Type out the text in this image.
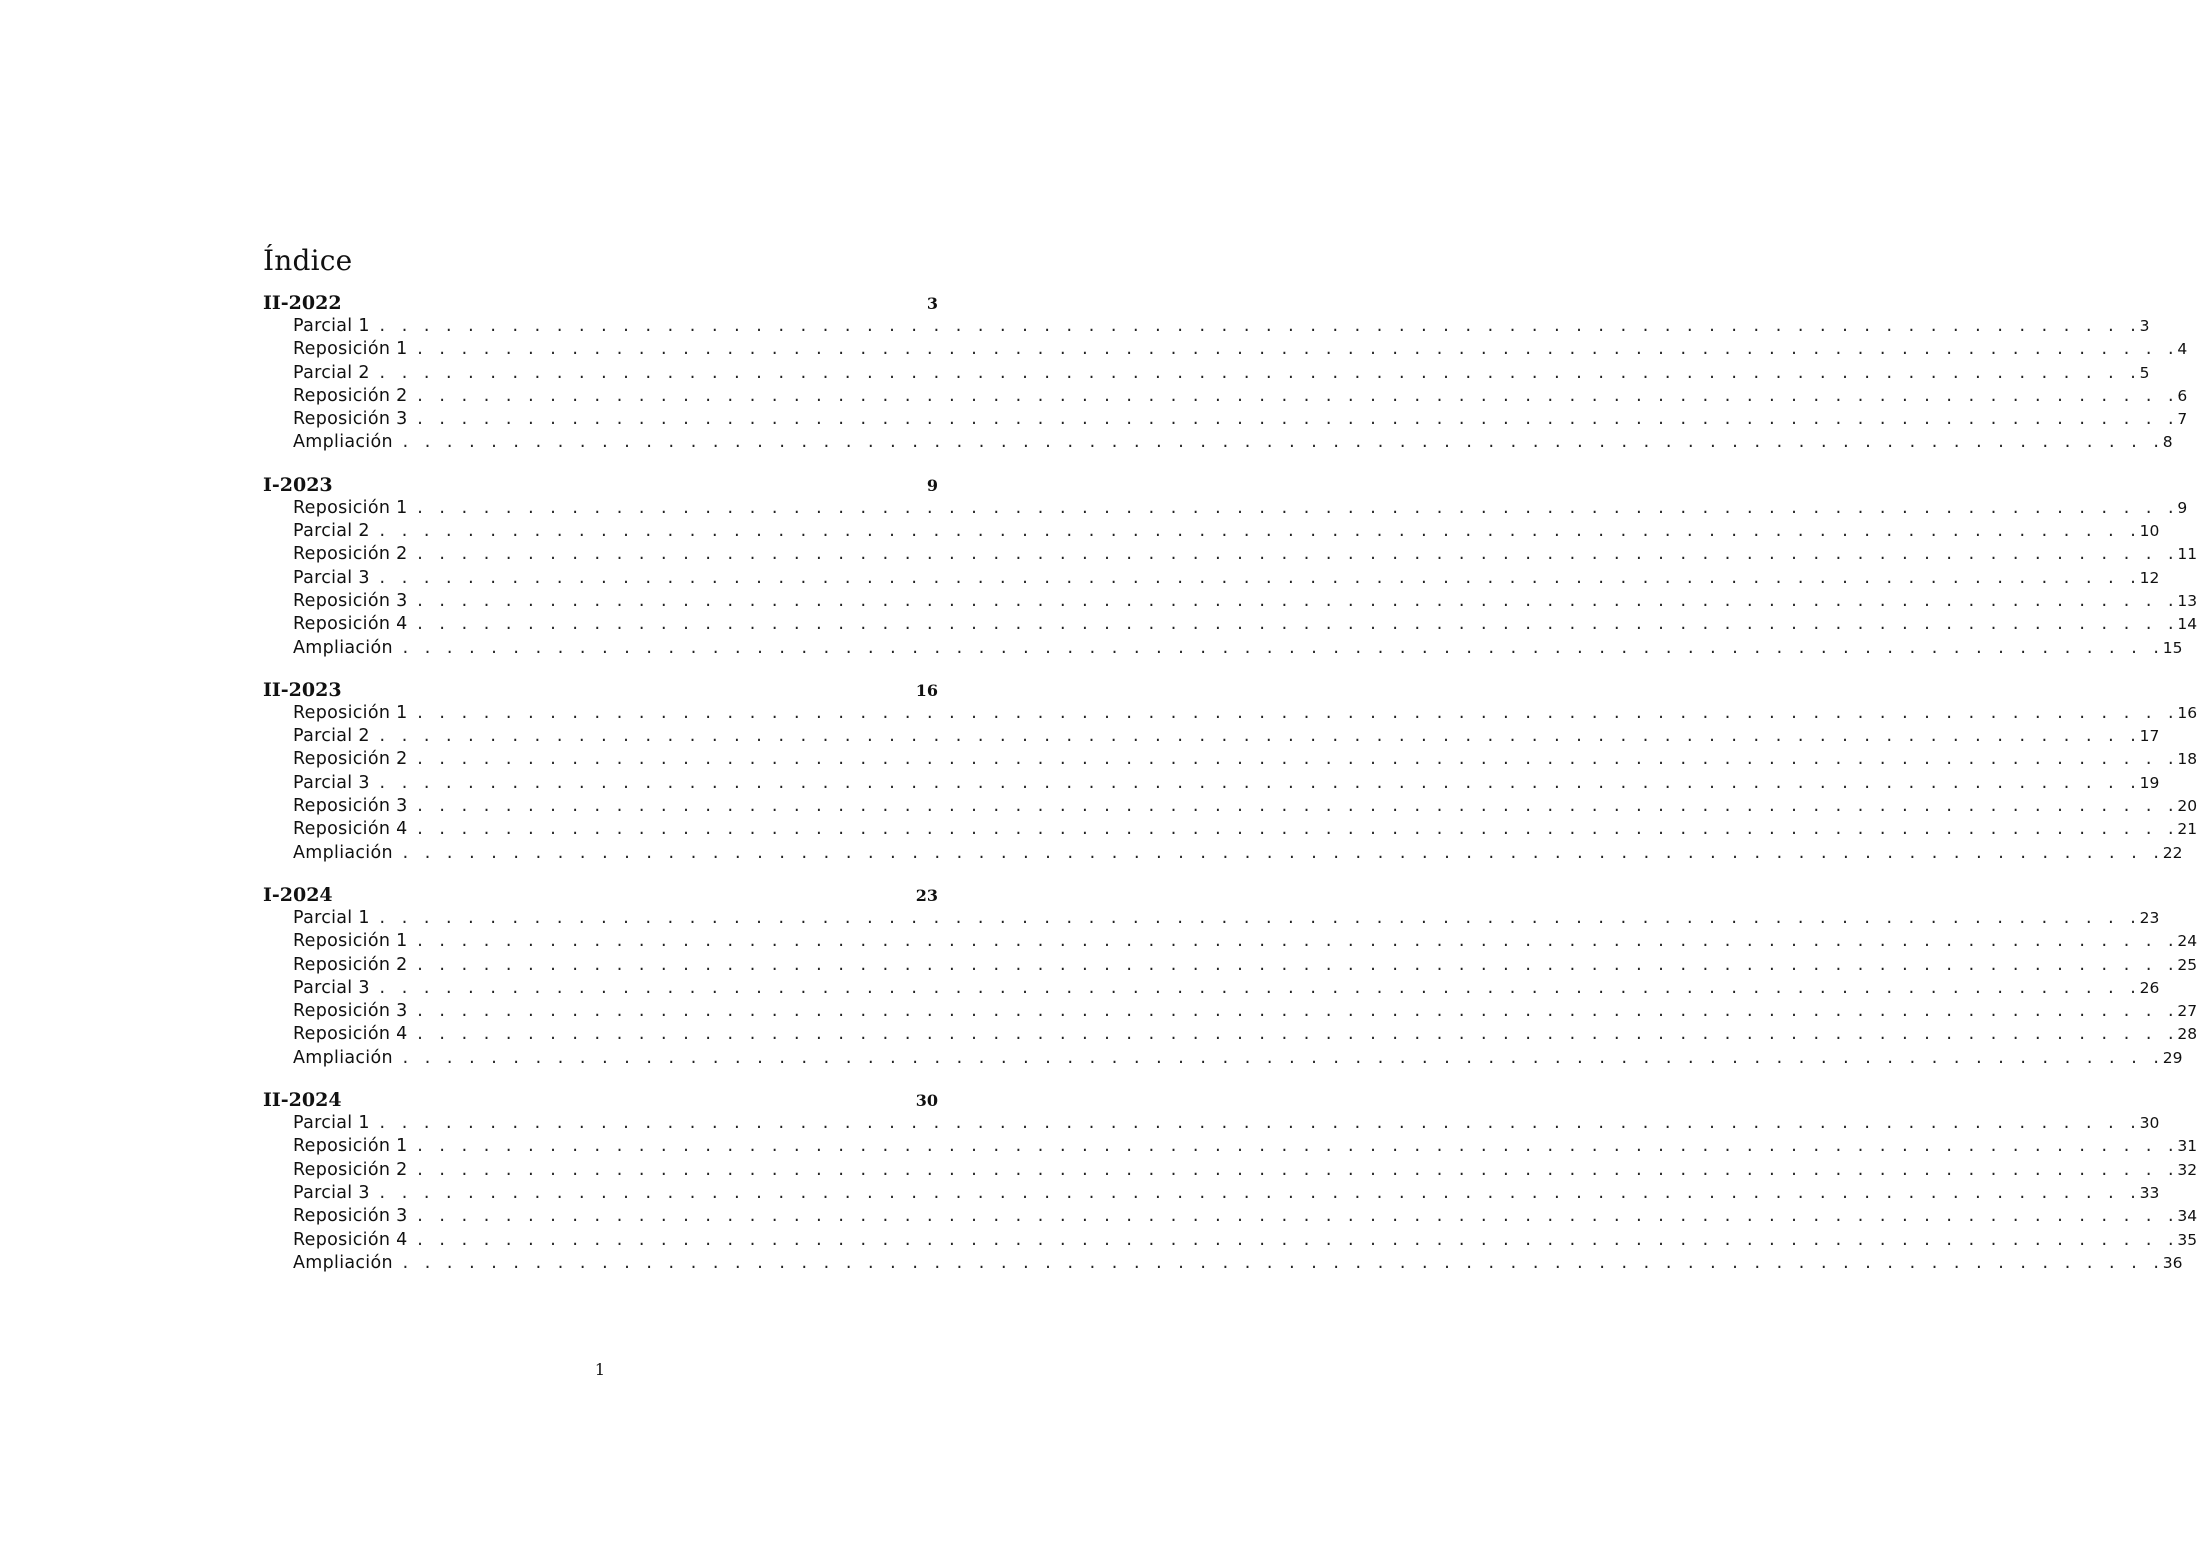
Índice
II-2022	3
Parcial 1 . . . . . . . . . . . . . . . . . . . . . . . . . . . . . . . . . . . . . . . . . . . . . . . . . . . . . . . . . . . . . . . . . . . . . . . . . . . . . . . . 3
Reposición 1 . . . . . . . . . . . . . . . . . . . . . . . . . . . . . . . . . . . . . . . . . . . . . . . . . . . . . . . . . . . . . . . . . . . . . . . . . . . . . . . . 4
Parcial 2 . . . . . . . . . . . . . . . . . . . . . . . . . . . . . . . . . . . . . . . . . . . . . . . . . . . . . . . . . . . . . . . . . . . . . . . . . . . . . . . . 5
Reposición 2 . . . . . . . . . . . . . . . . . . . . . . . . . . . . . . . . . . . . . . . . . . . . . . . . . . . . . . . . . . . . . . . . . . . . . . . . . . . . . . . . 6
Reposición 3 . . . . . . . . . . . . . . . . . . . . . . . . . . . . . . . . . . . . . . . . . . . . . . . . . . . . . . . . . . . . . . . . . . . . . . . . . . . . . . . . 7
Ampliación . . . . . . . . . . . . . . . . . . . . . . . . . . . . . . . . . . . . . . . . . . . . . . . . . . . . . . . . . . . . . . . . . . . . . . . . . . . . . . . . 8
I-2023	9
Reposición 1 . . . . . . . . . . . . . . . . . . . . . . . . . . . . . . . . . . . . . . . . . . . . . . . . . . . . . . . . . . . . . . . . . . . . . . . . . . . . . . . . 9
Parcial 2 . . . . . . . . . . . . . . . . . . . . . . . . . . . . . . . . . . . . . . . . . . . . . . . . . . . . . . . . . . . . . . . . . . . . . . . . . . . . . . . . 10
Reposición 2 . . . . . . . . . . . . . . . . . . . . . . . . . . . . . . . . . . . . . . . . . . . . . . . . . . . . . . . . . . . . . . . . . . . . . . . . . . . . . . . . 11
Parcial 3 . . . . . . . . . . . . . . . . . . . . . . . . . . . . . . . . . . . . . . . . . . . . . . . . . . . . . . . . . . . . . . . . . . . . . . . . . . . . . . . . 12
Reposición 3 . . . . . . . . . . . . . . . . . . . . . . . . . . . . . . . . . . . . . . . . . . . . . . . . . . . . . . . . . . . . . . . . . . . . . . . . . . . . . . . . 13
Reposición 4 . . . . . . . . . . . . . . . . . . . . . . . . . . . . . . . . . . . . . . . . . . . . . . . . . . . . . . . . . . . . . . . . . . . . . . . . . . . . . . . . 14
Ampliación . . . . . . . . . . . . . . . . . . . . . . . . . . . . . . . . . . . . . . . . . . . . . . . . . . . . . . . . . . . . . . . . . . . . . . . . . . . . . . . . 15
II-2023	16
Reposición 1 . . . . . . . . . . . . . . . . . . . . . . . . . . . . . . . . . . . . . . . . . . . . . . . . . . . . . . . . . . . . . . . . . . . . . . . . . . . . . . . . 16
Parcial 2 . . . . . . . . . . . . . . . . . . . . . . . . . . . . . . . . . . . . . . . . . . . . . . . . . . . . . . . . . . . . . . . . . . . . . . . . . . . . . . . . 17
Reposición 2 . . . . . . . . . . . . . . . . . . . . . . . . . . . . . . . . . . . . . . . . . . . . . . . . . . . . . . . . . . . . . . . . . . . . . . . . . . . . . . . . 18
Parcial 3 . . . . . . . . . . . . . . . . . . . . . . . . . . . . . . . . . . . . . . . . . . . . . . . . . . . . . . . . . . . . . . . . . . . . . . . . . . . . . . . . 19
Reposición 3 . . . . . . . . . . . . . . . . . . . . . . . . . . . . . . . . . . . . . . . . . . . . . . . . . . . . . . . . . . . . . . . . . . . . . . . . . . . . . . . . 20
Reposición 4 . . . . . . . . . . . . . . . . . . . . . . . . . . . . . . . . . . . . . . . . . . . . . . . . . . . . . . . . . . . . . . . . . . . . . . . . . . . . . . . . 21
Ampliación . . . . . . . . . . . . . . . . . . . . . . . . . . . . . . . . . . . . . . . . . . . . . . . . . . . . . . . . . . . . . . . . . . . . . . . . . . . . . . . . 22
I-2024	23
Parcial 1 . . . . . . . . . . . . . . . . . . . . . . . . . . . . . . . . . . . . . . . . . . . . . . . . . . . . . . . . . . . . . . . . . . . . . . . . . . . . . . . . 23
Reposición 1 . . . . . . . . . . . . . . . . . . . . . . . . . . . . . . . . . . . . . . . . . . . . . . . . . . . . . . . . . . . . . . . . . . . . . . . . . . . . . . . . 24
Reposición 2 . . . . . . . . . . . . . . . . . . . . . . . . . . . . . . . . . . . . . . . . . . . . . . . . . . . . . . . . . . . . . . . . . . . . . . . . . . . . . . . . 25
Parcial 3 . . . . . . . . . . . . . . . . . . . . . . . . . . . . . . . . . . . . . . . . . . . . . . . . . . . . . . . . . . . . . . . . . . . . . . . . . . . . . . . . 26
Reposición 3 . . . . . . . . . . . . . . . . . . . . . . . . . . . . . . . . . . . . . . . . . . . . . . . . . . . . . . . . . . . . . . . . . . . . . . . . . . . . . . . . 27
Reposición 4 . . . . . . . . . . . . . . . . . . . . . . . . . . . . . . . . . . . . . . . . . . . . . . . . . . . . . . . . . . . . . . . . . . . . . . . . . . . . . . . . 28
Ampliación . . . . . . . . . . . . . . . . . . . . . . . . . . . . . . . . . . . . . . . . . . . . . . . . . . . . . . . . . . . . . . . . . . . . . . . . . . . . . . . . 29
II-2024	30
Parcial 1 . . . . . . . . . . . . . . . . . . . . . . . . . . . . . . . . . . . . . . . . . . . . . . . . . . . . . . . . . . . . . . . . . . . . . . . . . . . . . . . . 30
Reposición 1 . . . . . . . . . . . . . . . . . . . . . . . . . . . . . . . . . . . . . . . . . . . . . . . . . . . . . . . . . . . . . . . . . . . . . . . . . . . . . . . . 31
Reposición 2 . . . . . . . . . . . . . . . . . . . . . . . . . . . . . . . . . . . . . . . . . . . . . . . . . . . . . . . . . . . . . . . . . . . . . . . . . . . . . . . . 32
Parcial 3 . . . . . . . . . . . . . . . . . . . . . . . . . . . . . . . . . . . . . . . . . . . . . . . . . . . . . . . . . . . . . . . . . . . . . . . . . . . . . . . . 33
Reposición 3 . . . . . . . . . . . . . . . . . . . . . . . . . . . . . . . . . . . . . . . . . . . . . . . . . . . . . . . . . . . . . . . . . . . . . . . . . . . . . . . . 34
Reposición 4 . . . . . . . . . . . . . . . . . . . . . . . . . . . . . . . . . . . . . . . . . . . . . . . . . . . . . . . . . . . . . . . . . . . . . . . . . . . . . . . . 35
Ampliación . . . . . . . . . . . . . . . . . . . . . . . . . . . . . . . . . . . . . . . . . . . . . . . . . . . . . . . . . . . . . . . . . . . . . . . . . . . . . . . . 36
1
